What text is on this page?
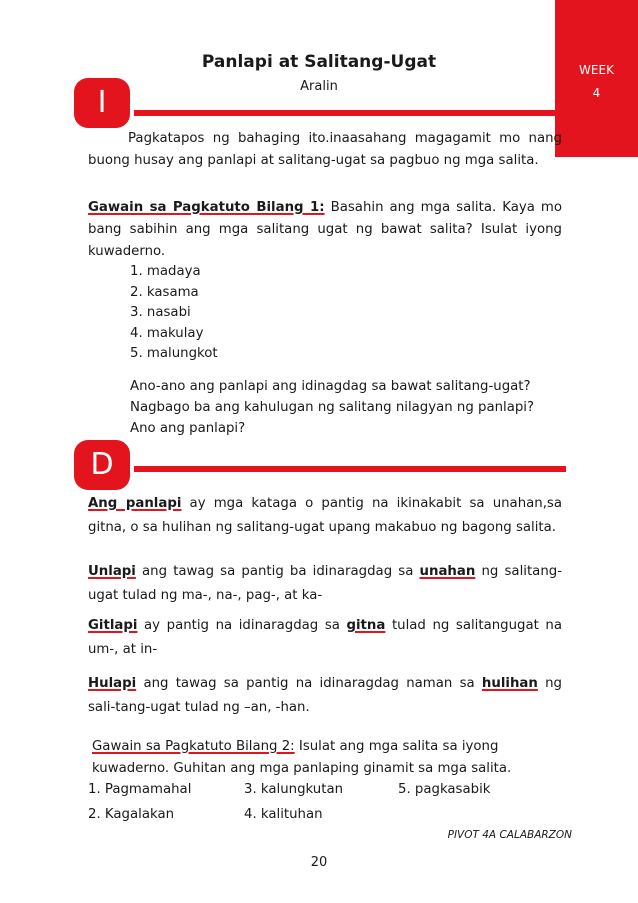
WEEK
4
Panlapi at Salitang-Ugat
Aralin
I
Pagkatapos ng bahaging ito.inaasahang magagamit mo nang buong husay ang panlapi at salitang-ugat sa pagbuo ng mga salita.
Gawain sa Pagkatuto Bilang 1: Basahin ang mga salita. Kaya mo bang sabihin ang mga salitang ugat ng bawat salita? Isulat iyong kuwaderno.
1. madaya
2. kasama
3. nasabi
4. makulay
5. malungkot
Ano-ano ang panlapi ang idinagdag sa bawat salitang-ugat?
Nagbago ba ang kahulugan ng salitang nilagyan ng panlapi?
Ano ang panlapi?
D
Ang panlapi ay mga kataga o pantig na ikinakabit sa unahan,sa gitna, o sa hulihan ng salitang-ugat upang makabuo ng bagong salita.
Unlapi ang tawag sa pantig ba idinaragdag sa unahan ng salitang-ugat tulad ng ma-, na-, pag-, at ka-
Gitlapi ay pantig na idinaragdag sa gitna tulad ng salitangugat na um-, at in-
Hulapi ang tawag sa pantig na idinaragdag naman sa hulihan ng sali-tang-ugat tulad ng –an, -han.
Gawain sa Pagkatuto Bilang 2: Isulat ang mga salita sa iyong kuwaderno. Guhitan ang mga panlaping ginamit sa mga salita.
1. Pagmamahal	3. kalungkutan	5. pagkasabik
2. Kagalakan	4. kalituhan
PIVOT 4A CALABARZON
20
